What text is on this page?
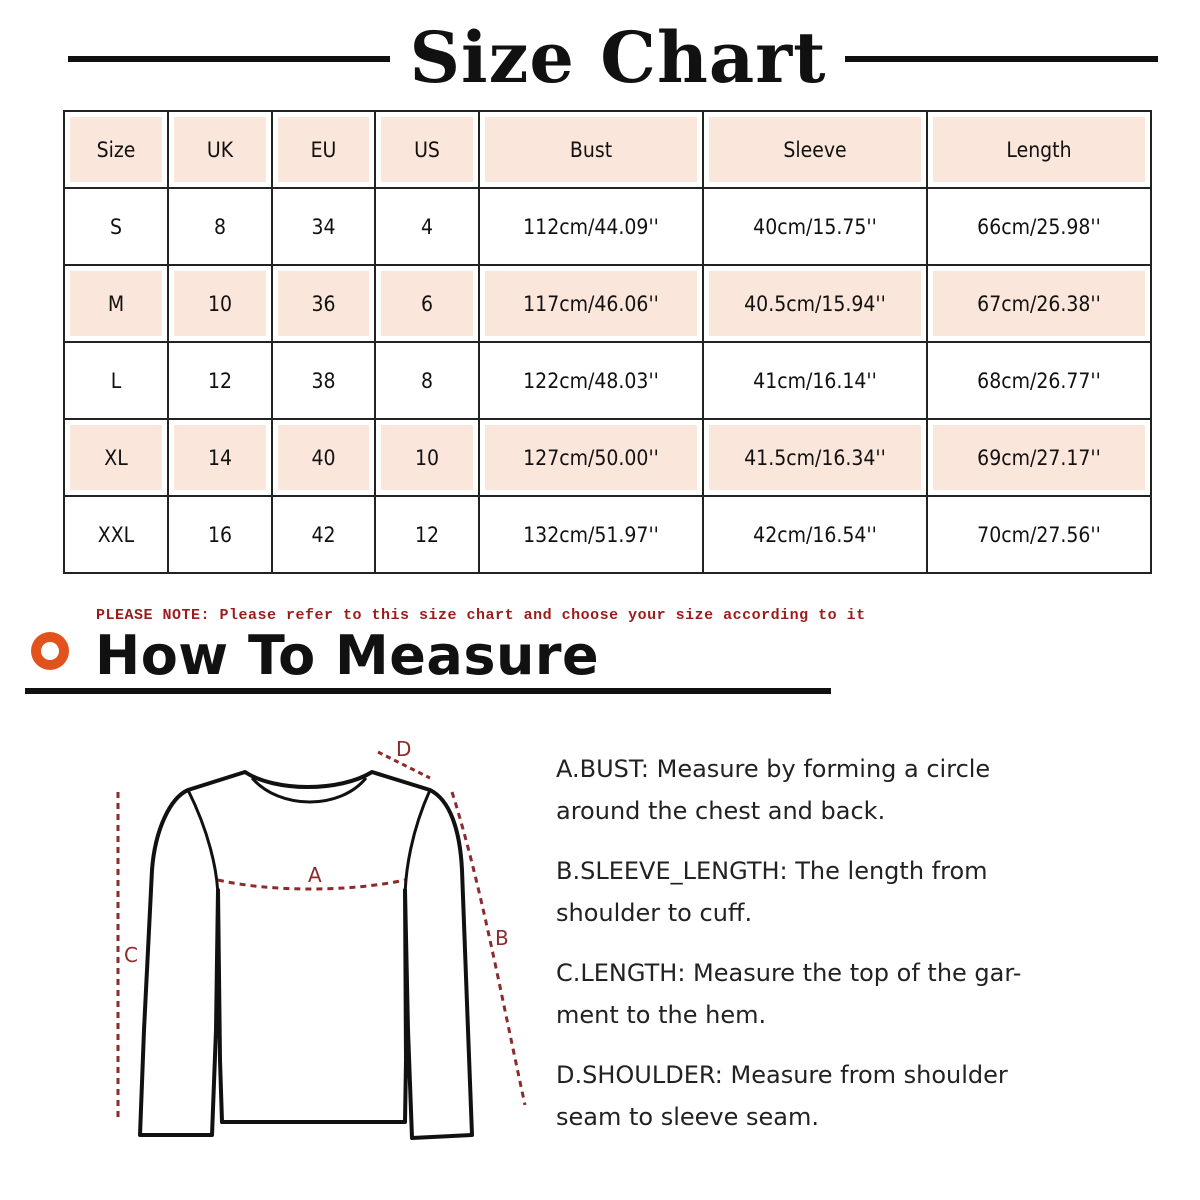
Size Chart
Size	UK	EU	US	Bust	Sleeve	Length
S	8	34	4	112cm/44.09''	40cm/15.75''	66cm/25.98''
M	10	36	6	117cm/46.06''	40.5cm/15.94''	67cm/26.38''
L	12	38	8	122cm/48.03''	41cm/16.14''	68cm/26.77''
XL	14	40	10	127cm/50.00''	41.5cm/16.34''	69cm/27.17''
XXL	16	42	12	132cm/51.97''	42cm/16.54''	70cm/27.56''
PLEASE NOTE: Please refer to this size chart and choose your size according to it
How To Measure
A
B
C
D
A.BUST: Measure by forming a circle
around the chest and back.
B.SLEEVE_LENGTH: The length from
shoulder to cuff.
C.LENGTH: Measure the top of the gar-
ment to the hem.
D.SHOULDER: Measure from shoulder
seam to sleeve seam.
